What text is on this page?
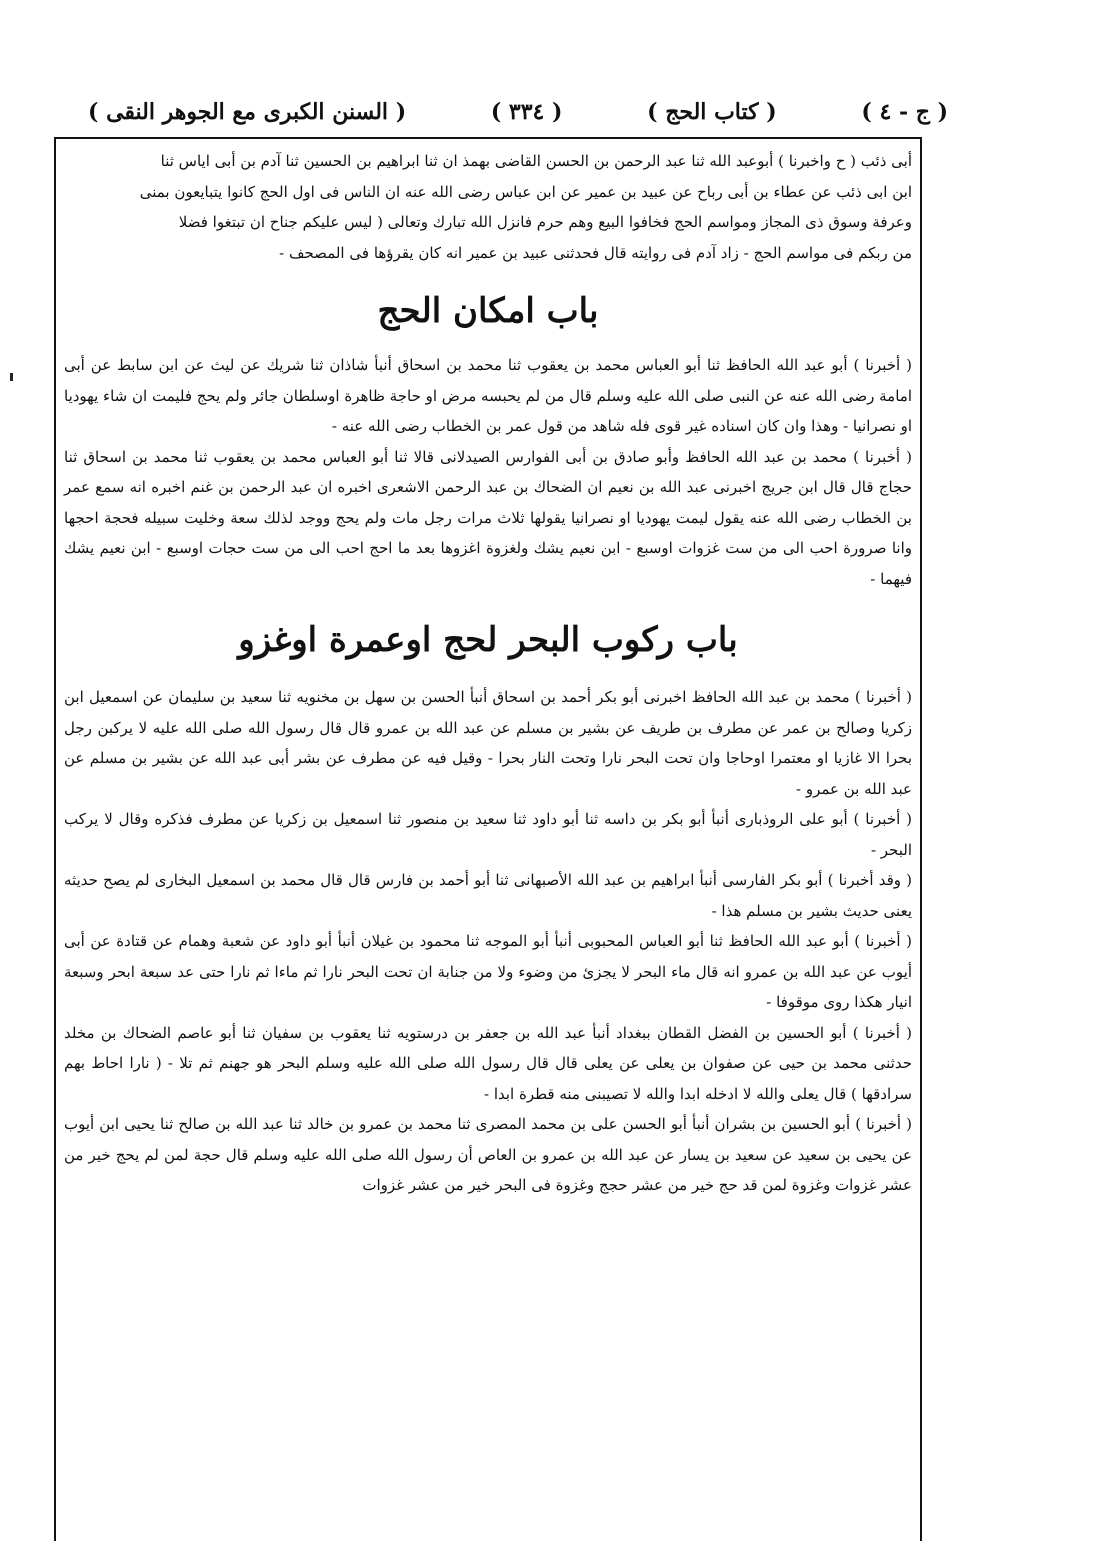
( السنن الكبرى مع الجوهر النقى )	( ٣٣٤ )	( كتاب الحج )	( ج - ٤ )

أبى ذئب ( ح واخبرنا ) أبوعبد الله ثنا عبد الرحمن بن الحسن القاضى بهمذ ان ثنا ابراهيم بن الحسين ثنا آدم بن أبى اياس ثنا

ابن ابى ذئب عن عطاء بن أبى رباح عن عبيد بن عمير عن ابن عباس رضى الله عنه ان الناس فى اول الحج كانوا يتبايعون بمنى

وعرفة وسوق ذى المجاز ومواسم الحج فخافوا البيع وهم حرم فانزل الله تبارك وتعالى ( ليس عليكم جناح ان تبتغوا فضلا

من ربكم فى مواسم الحج - زاد آدم فى روايته قال فحدثنى عبيد بن عمير انه كان يقرؤها فى المصحف -

باب امكان الحج

( أخبرنا ) أبو عبد الله الحافظ ثنا أبو العباس محمد بن يعقوب ثنا محمد بن اسحاق أنبأ شاذان ثنا شريك عن ليث عن ابن سابط عن أبى امامة رضى الله عنه عن النبى صلى الله عليه وسلم قال من لم يحبسه مرض او حاجة ظاهرة اوسلطان جائر ولم يحج فليمت ان شاء يهوديا او نصرانيا - وهذا وان كان اسناده غير قوى فله شاهد من قول عمر بن الخطاب رضى الله عنه -

( أخبرنا ) محمد بن عبد الله الحافظ وأبو صادق بن أبى الفوارس الصيدلانى قالا ثنا أبو العباس محمد بن يعقوب ثنا محمد بن اسحاق ثنا حجاج قال قال ابن جريج اخبرنى عبد الله بن نعيم ان الضحاك بن عبد الرحمن الاشعرى اخبره ان عبد الرحمن بن غنم اخبره انه سمع عمر بن الخطاب رضى الله عنه يقول ليمت يهوديا او نصرانيا يقولها ثلاث مرات رجل مات ولم يحج ووجد لذلك سعة وخليت سبيله فحجة احجها وانا صرورة احب الى من ست غزوات اوسبع - ابن نعيم يشك ولغزوة اغزوها بعد ما احج احب الى من ست حجات اوسبع - ابن نعيم يشك فيهما -

باب ركوب البحر لحج اوعمرة اوغزو

( أخبرنا ) محمد بن عبد الله الحافظ اخبرنى أبو بكر أحمد بن اسحاق أنبأ الحسن بن سهل بن مخنويه ثنا سعيد بن سليمان عن اسمعيل ابن زكريا وصالح بن عمر عن مطرف بن طريف عن بشير بن مسلم عن عبد الله بن عمرو قال قال رسول الله صلى الله عليه لا يركبن رجل بحرا الا غازيا او معتمرا اوحاجا وان تحت البحر نارا وتحت النار بحرا - وقيل فيه عن مطرف عن بشر أبى عبد الله عن بشير بن مسلم عن عبد الله بن عمرو -

( أخبرنا ) أبو على الروذبارى أنبأ أبو بكر بن داسه ثنا أبو داود ثنا سعيد بن منصور ثنا اسمعيل بن زكريا عن مطرف فذكره وقال لا يركب البحر -

( وقد أخبرنا ) أبو بكر الفارسى أنبأ ابراهيم بن عبد الله الأصبهانى ثنا أبو أحمد بن فارس قال قال محمد بن اسمعيل البخارى لم يصح حديثه يعنى حديث بشير بن مسلم هذا -

( أخبرنا ) أبو عبد الله الحافظ ثنا أبو العباس المحبوبى أنبأ أبو الموجه ثنا محمود بن غيلان أنبأ أبو داود عن شعبة وهمام عن قتادة عن أبى أيوب عن عبد الله بن عمرو انه قال ماء البحر لا يجزئ من وضوء ولا من جنابة ان تحت البحر نارا ثم ماءا ثم نارا حتى عد سبعة ابحر وسبعة انيار هكذا روى موقوفا -

( أخبرنا ) أبو الحسين بن الفضل القطان ببغداد أنبأ عبد الله بن جعفر بن درستويه ثنا يعقوب بن سفيان ثنا أبو عاصم الضحاك بن مخلد حدثنى محمد بن حيى عن صفوان بن يعلى عن يعلى قال قال رسول الله صلى الله عليه وسلم البحر هو جهنم ثم تلا - ( نارا احاط بهم سرادقها ) قال يعلى والله لا ادخله ابدا والله لا تصيبنى منه قطرة ابدا -

( أخبرنا ) أبو الحسين بن بشران أنبأ أبو الحسن على بن محمد المصرى ثنا محمد بن عمرو بن خالد ثنا عبد الله بن صالح ثنا يحيى ابن أيوب عن يحيى بن سعيد عن سعيد بن يسار عن عبد الله بن عمرو بن العاص أن رسول الله صلى الله عليه وسلم قال حجة لمن لم يحج خير من عشر غزوات وغزوة لمن قد حج خير من عشر حجج وغزوة فى البحر خير من عشر غزوات
